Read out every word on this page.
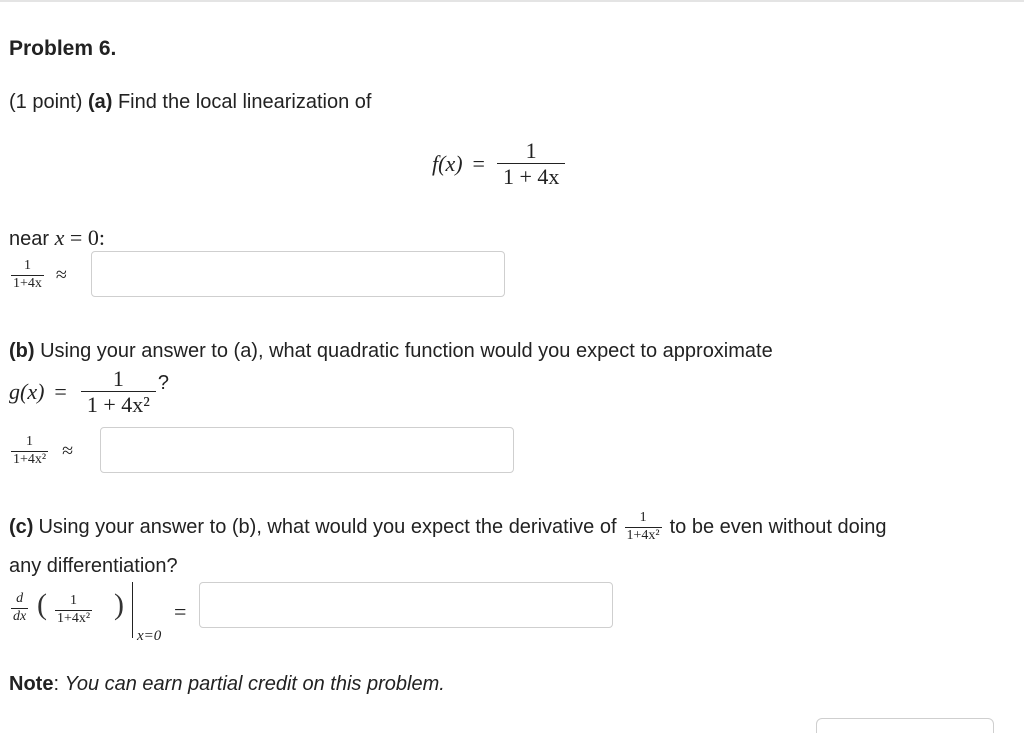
Problem 6.
(1 point) (a) Find the local linearization of
$f(x) = \frac{1}{1 + 4x}$
near x = 0:
$\frac{1}{1+4x}$ ≈
(b) Using your answer to (a), what quadratic function would you expect to approximate
$g(x) = \frac{1}{\text{1 + 4x²}}$ ?
$\frac{1}{\text{1+4x²}}$ ≈
(c) Using your answer to (b), what would you expect the derivative of $\frac{1}{\text{1+4x²}}$ to be even without doing
any differentiation?
$\frac{d}{dx}$ ( $\frac{1}{\text{1+4x²}}$ )
x=0
=
Note: You can earn partial credit on this problem.
